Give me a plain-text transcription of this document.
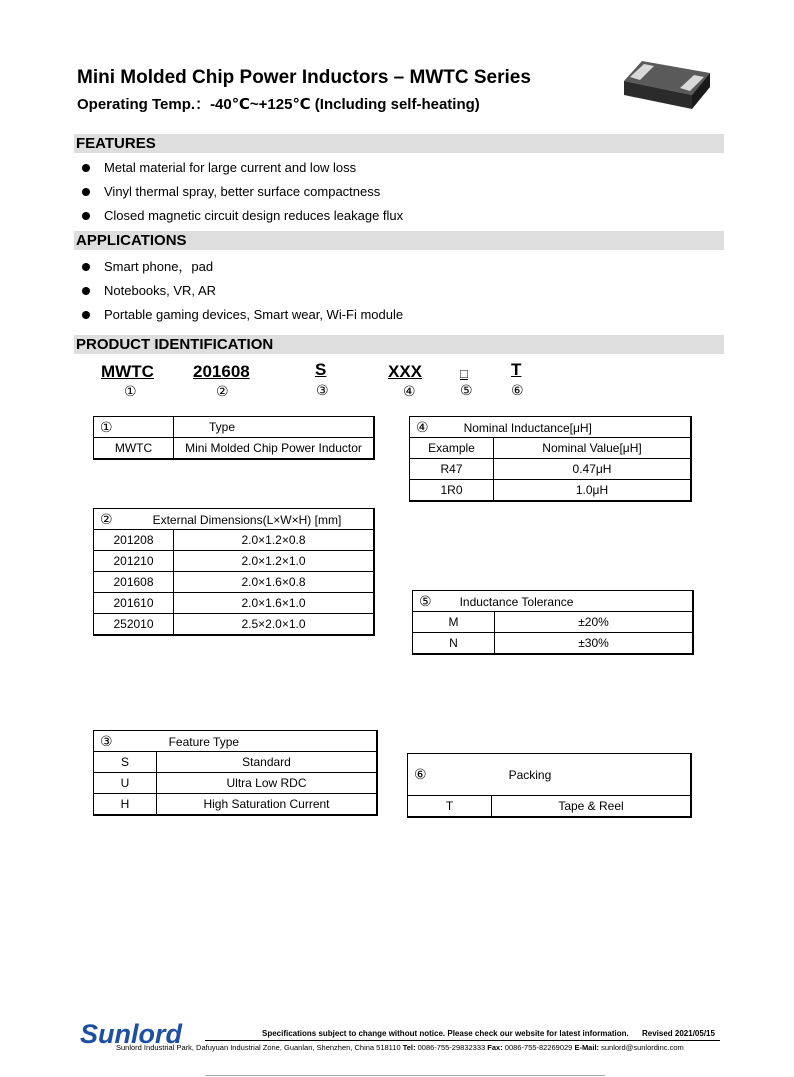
Mini Molded Chip Power Inductors – MWTC Series
Operating Temp.：-40℃~+125℃ (Including self-heating)
FEATURES
Metal material for large current and low loss
Vinyl thermal spray, better surface compactness
Closed magnetic circuit design reduces leakage flux
APPLICATIONS
Smart phone，pad
Notebooks, VR, AR
Portable gaming devices, Smart wear, Wi-Fi module
PRODUCT IDENTIFICATION
MWTC
①
201608
②
S
③
XXX
④
□
⑤
T
⑥
①	Type
MWTC	Mini Molded Chip Power Inductor
② External Dimensions(L×W×H) [mm]	
201208	2.0×1.2×0.8
201210	2.0×1.2×1.0
201608	2.0×1.6×0.8
201610	2.0×1.6×1.0
252010	2.5×2.0×1.0
③ Feature Type	
S	Standard
U	Ultra Low RDC
H	High Saturation Current
④ Nominal Inductance[μH]	
Example	Nominal Value[μH]
R47	0.47μH
1R0	1.0μH
⑤ Inductance Tolerance	
M	±20%
N	±30%
⑥	Packing
T	Tape & Reel
Sunlord	Specifications subject to change without notice. Please check our website for latest information. Revised 2021/05/15
Sunlord Industrial Park, Dafuyuan Industrial Zone, Guanlan, Shenzhen, China 518110 Tel: 0086-755-29832333 Fax: 0086-755-82269029 E-Mail: sunlord@sunlordinc.com
